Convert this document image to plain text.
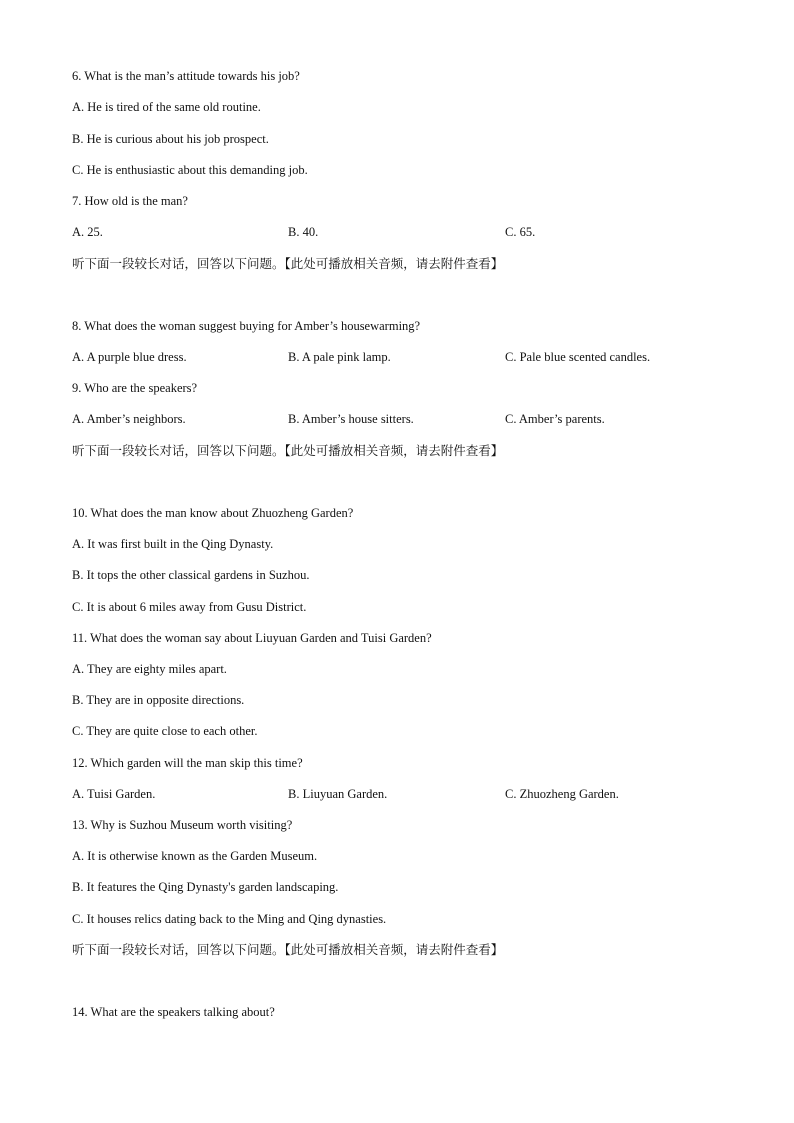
6. What is the man’s attitude towards his job?
A. He is tired of the same old routine.
B. He is curious about his job prospect.
C. He is enthusiastic about this demanding job.
7. How old is the man?
A. 25.	B. 40.	C. 65.
听下面一段较长对话，回答以下问题。【此处可播放相关音频，请去附件查看】
8. What does the woman suggest buying for Amber’s housewarming?
A. A purple blue dress.	B. A pale pink lamp.	C. Pale blue scented candles.
9. Who are the speakers?
A. Amber’s neighbors.	B. Amber’s house sitters.	C. Amber’s parents.
听下面一段较长对话，回答以下问题。【此处可播放相关音频，请去附件查看】
10. What does the man know about Zhuozheng Garden?
A. It was first built in the Qing Dynasty.
B. It tops the other classical gardens in Suzhou.
C. It is about 6 miles away from Gusu District.
11. What does the woman say about Liuyuan Garden and Tuisi Garden?
A. They are eighty miles apart.
B. They are in opposite directions.
C. They are quite close to each other.
12. Which garden will the man skip this time?
A. Tuisi Garden.	B. Liuyuan Garden.	C. Zhuozheng Garden.
13. Why is Suzhou Museum worth visiting?
A. It is otherwise known as the Garden Museum.
B. It features the Qing Dynasty's garden landscaping.
C. It houses relics dating back to the Ming and Qing dynasties.
听下面一段较长对话，回答以下问题。【此处可播放相关音频，请去附件查看】
14. What are the speakers talking about?
